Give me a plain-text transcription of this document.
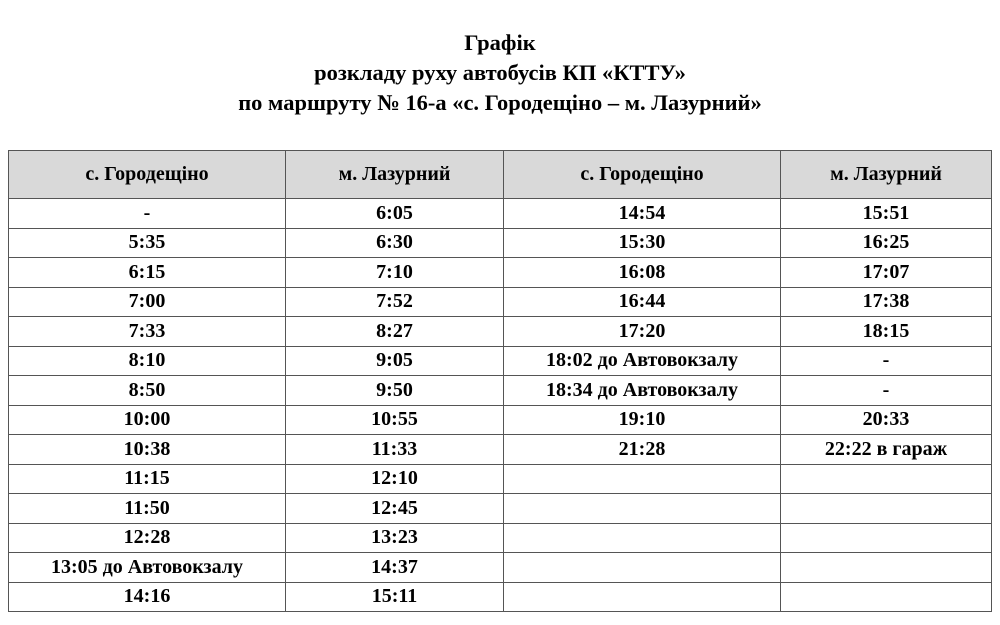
Графік
розкладу руху автобусів КП «КТТУ»
по маршруту № 16-а «с. Городещіно – м. Лазурний»
с. Городещіно	м. Лазурний	с. Городещіно	м. Лазурний
-	6:05	14:54	15:51
5:35	6:30	15:30	16:25
6:15	7:10	16:08	17:07
7:00	7:52	16:44	17:38
7:33	8:27	17:20	18:15
8:10	9:05	18:02 до Автовокзалу	-
8:50	9:50	18:34 до Автовокзалу	-
10:00	10:55	19:10	20:33
10:38	11:33	21:28	22:22 в гараж
11:15	12:10		
11:50	12:45		
12:28	13:23		
13:05 до Автовокзалу	14:37		
14:16	15:11		
